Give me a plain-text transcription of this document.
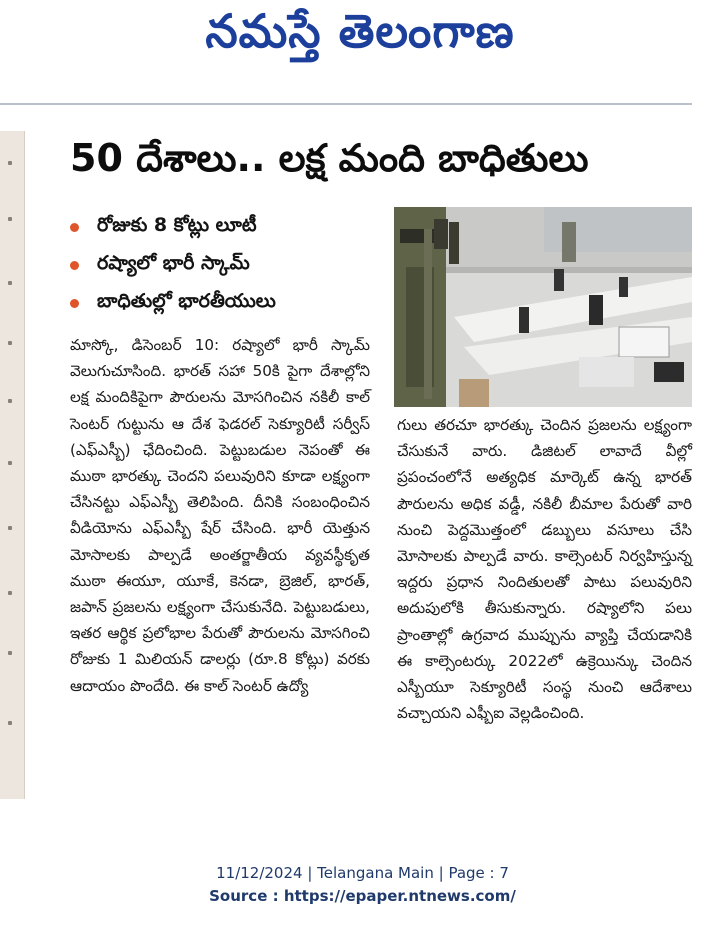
నమస్తే తెలంగాణ
50 దేశాలు.. లక్ష మంది బాధితులు
రోజుకు 8 కోట్లు లూటీ
రష్యాలో భారీ స్కామ్
బాధితుల్లో భారతీయులు

మాస్కో, డిసెంబర్ 10: రష్యాలో భారీ స్కామ్ వెలుగుచూసింది. భారత్ సహా 50కి పైగా దేశాల్లోని లక్ష మందికిపైగా పౌరులను మోసగించిన నకిలీ కాల్ సెంటర్ గుట్టును ఆ దేశ ఫెడరల్ సెక్యూరిటీ సర్వీస్ (ఎఫ్ఎస్బీ) ఛేదించింది. పెట్టుబడుల నెపంతో ఈ ముఠా భారత్కు చెందని పలువురిని కూడా లక్ష్యంగా చేసినట్టు ఎఫ్ఎస్బీ తెలిపింది. దీనికి సంబంధించిన వీడియోను ఎఫ్ఎస్బీ షేర్ చేసింది. భారీ యెత్తున మోసాలకు పాల్పడే అంతర్జాతీయ వ్యవస్థీకృత ముఠా ఈయూ, యూకే, కెనడా, బ్రెజిల్, భారత్, జపాన్ ప్రజలను లక్ష్యంగా చేసుకునేది. పెట్టుబడులు, ఇతర ఆర్థిక ప్రలోభాల పేరుతో పౌరులను మోసగించి రోజుకు 1 మిలియన్ డాలర్లు (రూ.8 కోట్లు) వరకు ఆదాయం పొందేది. ఈ కాల్ సెంటర్ ఉద్యో

గులు తరచూ భారత్కు చెందిన ప్రజలను లక్ష్యంగా చేసుకునే వారు. డిజిటల్ లావాదే వీల్లో ప్రపంచంలోనే అత్యధిక మార్కెట్ ఉన్న భారత్ పౌరులను అధిక వడ్డీ, నకిలీ బీమాల పేరుతో వారి నుంచి పెద్దమొత్తంలో డబ్బులు వసూలు చేసి మోసాలకు పాల్పడే వారు. కాల్సెంటర్ నిర్వహిస్తున్న ఇద్దరు ప్రధాన నిందితులతో పాటు పలువురిని అదుపులోకి తీసుకున్నారు. రష్యాలోని పలు ప్రాంతాల్లో ఉగ్రవాద ముప్పును వ్యాప్తి చేయడానికి ఈ కాల్సెంటర్కు 2022లో ఉక్రెయిన్కు చెందిన ఎస్బీయూ సెక్యూరిటీ సంస్థ నుంచి ఆదేశాలు వచ్చాయని ఎఫ్బీఐ వెల్లడించింది.

11/12/2024 | Telangana Main | Page : 7
Source : https://epaper.ntnews.com/
